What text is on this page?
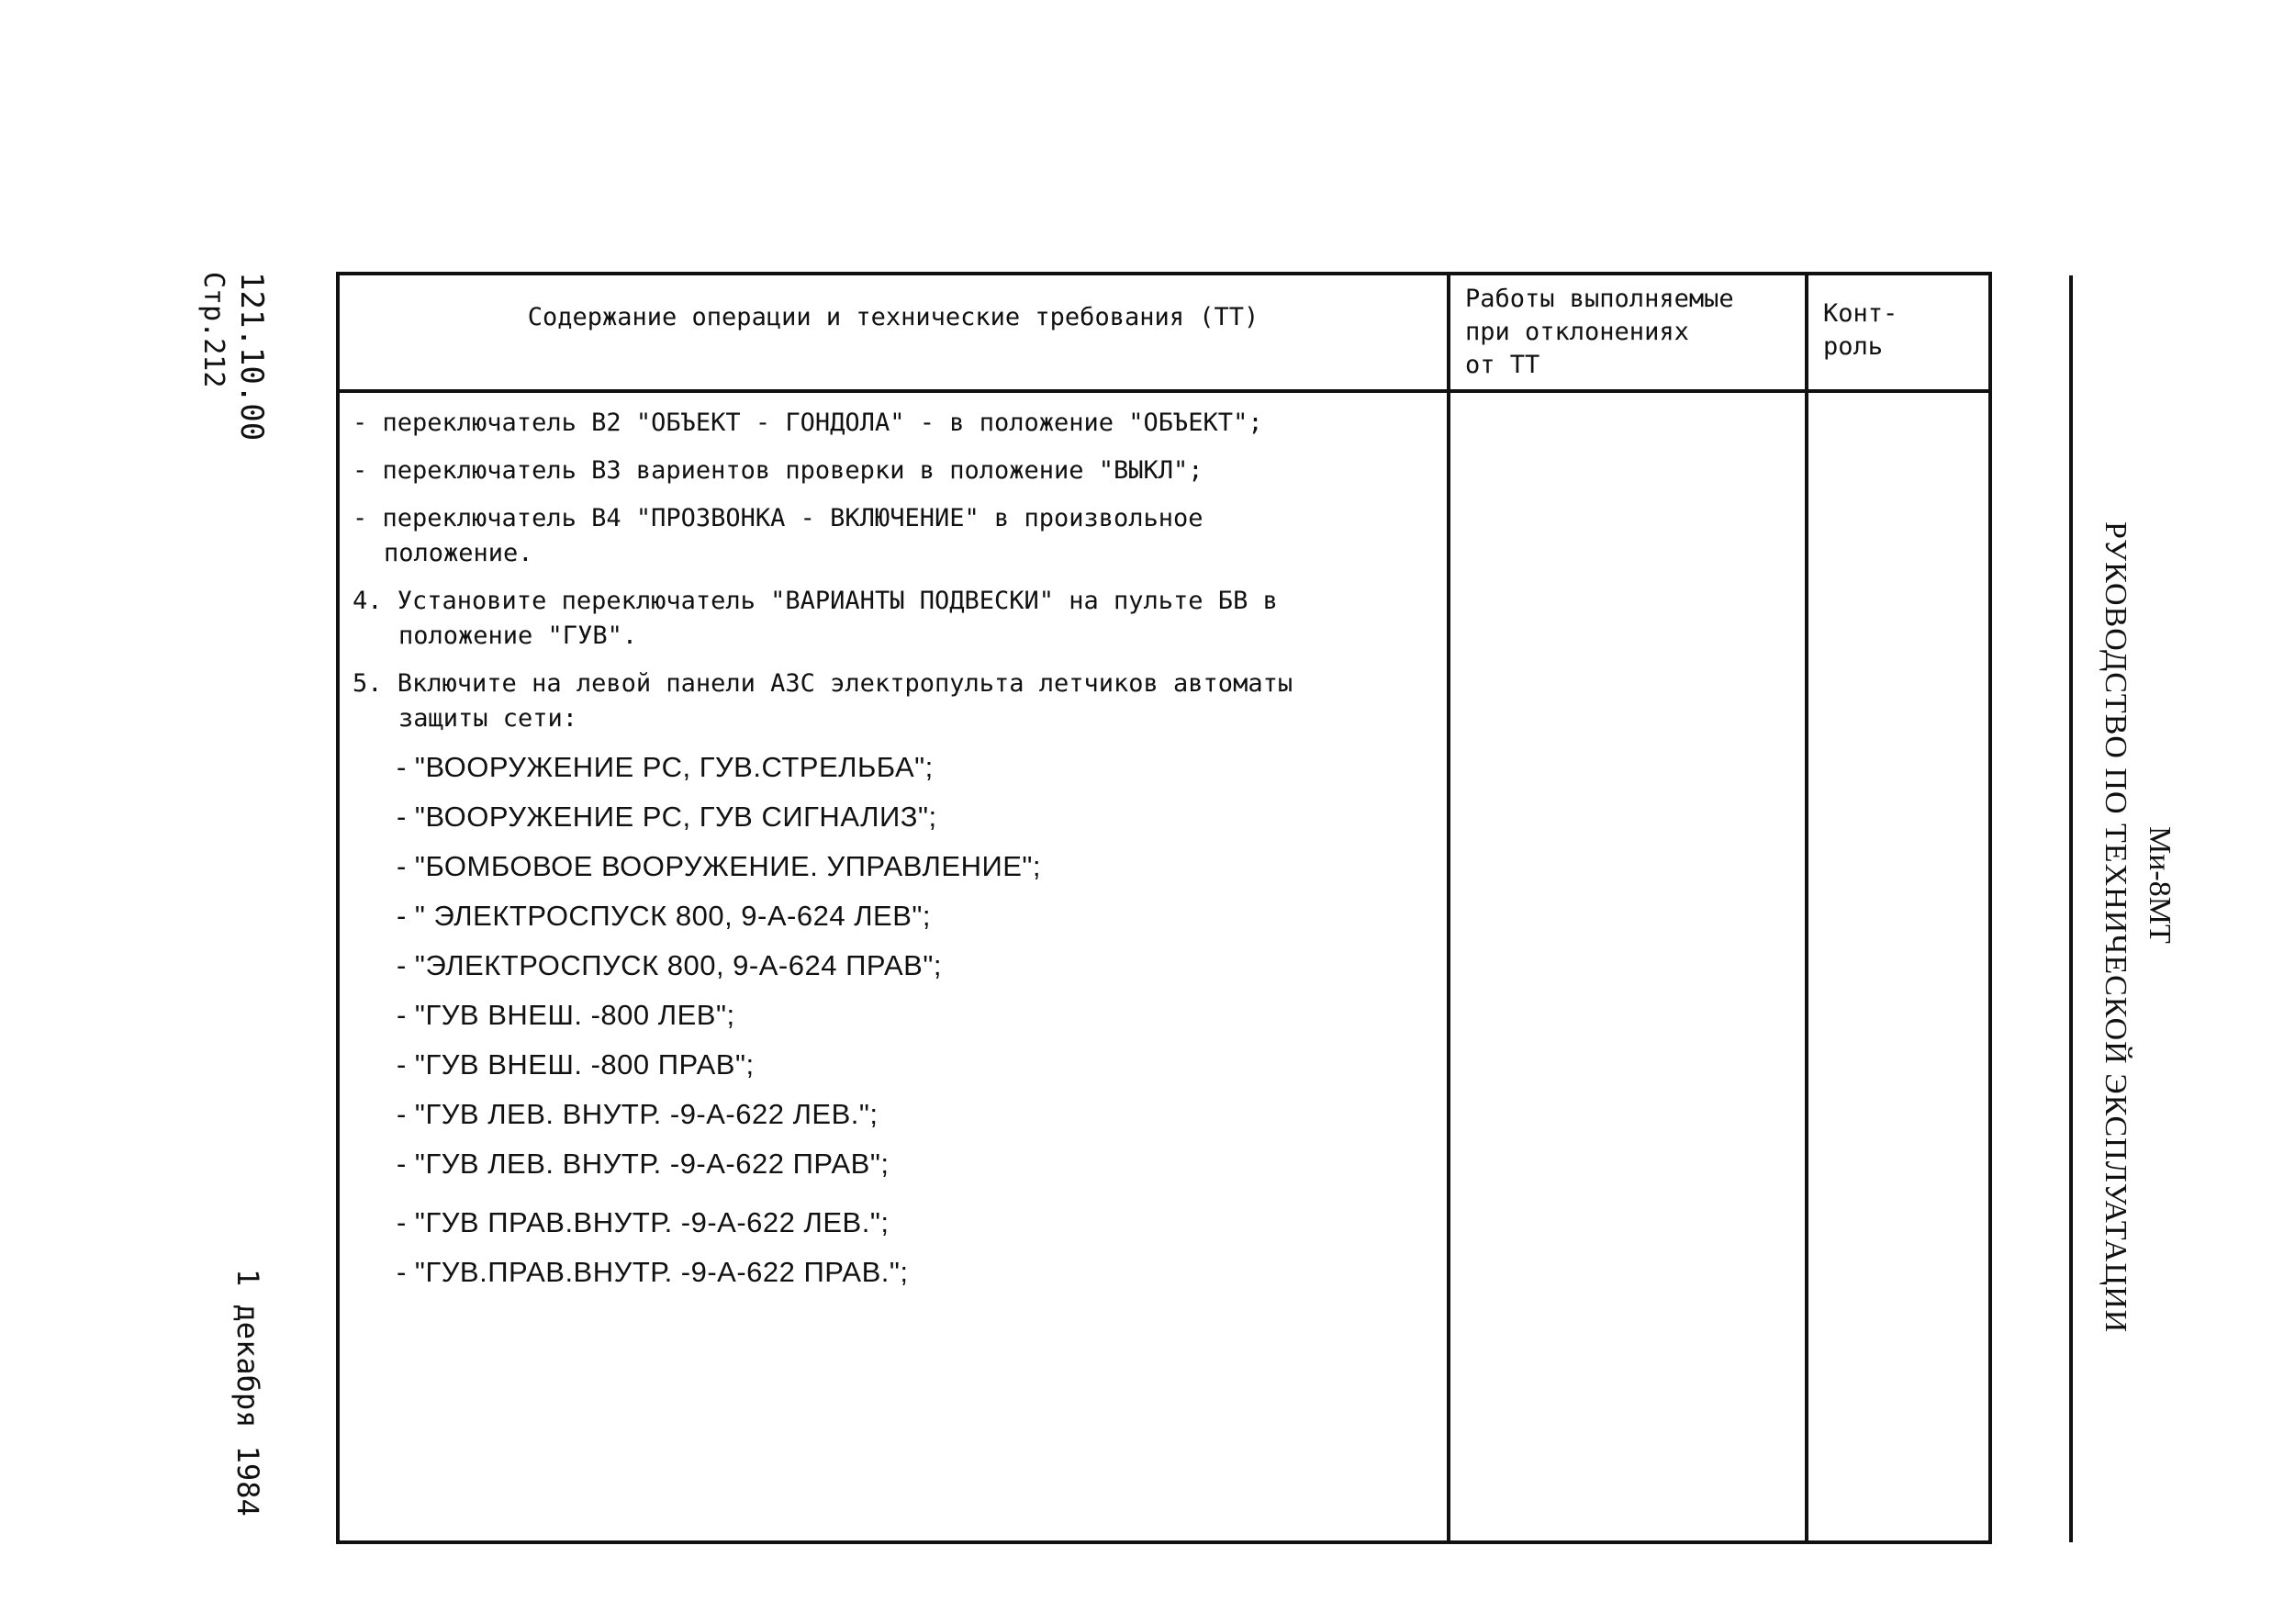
121.10.00
Стр.212
1 декабря 1984
Содержание операции и технические требования (ТТ)
Работы выполняемые
при отклонениях
от ТТ
Конт-
роль
- переключатель В2 "ОБЪЕКТ - ГОНДОЛА" - в положение "ОБЪЕКТ";
- переключатель В3 вариентов проверки в положение "ВЫКЛ";
- переключатель В4 "ПРОЗВОНКА - ВКЛЮЧЕНИЕ" в произвольное
положение.
4. Установите переключатель "ВАРИАНТЫ ПОДВЕСКИ" на пульте БВ в
положение "ГУВ".
5. Включите на левой панели АЗС электропульта летчиков автоматы
защиты сети:
- "ВООРУЖЕНИЕ РС, ГУВ.СТРЕЛЬБА";
- "ВООРУЖЕНИЕ РС, ГУВ СИГНАЛИЗ";
- "БОМБОВОЕ ВООРУЖЕНИЕ. УПРАВЛЕНИЕ";
- " ЭЛЕКТРОСПУСК 800, 9-А-624 ЛЕВ";
- "ЭЛЕКТРОСПУСК 800, 9-А-624 ПРАВ";
- "ГУВ ВНЕШ. -800 ЛЕВ";
- "ГУВ ВНЕШ. -800 ПРАВ";
- "ГУВ ЛЕВ. ВНУТР. -9-А-622 ЛЕВ.";
- "ГУВ ЛЕВ. ВНУТР. -9-А-622 ПРАВ";
- "ГУВ ПРАВ.ВНУТР. -9-А-622 ЛЕВ.";
- "ГУВ.ПРАВ.ВНУТР. -9-А-622 ПРАВ.";	РУКОВОДСТВО ПО ТЕХНИЧЕСКОЙ ЭКСПЛУАТАЦИИ Ми-8МТ
